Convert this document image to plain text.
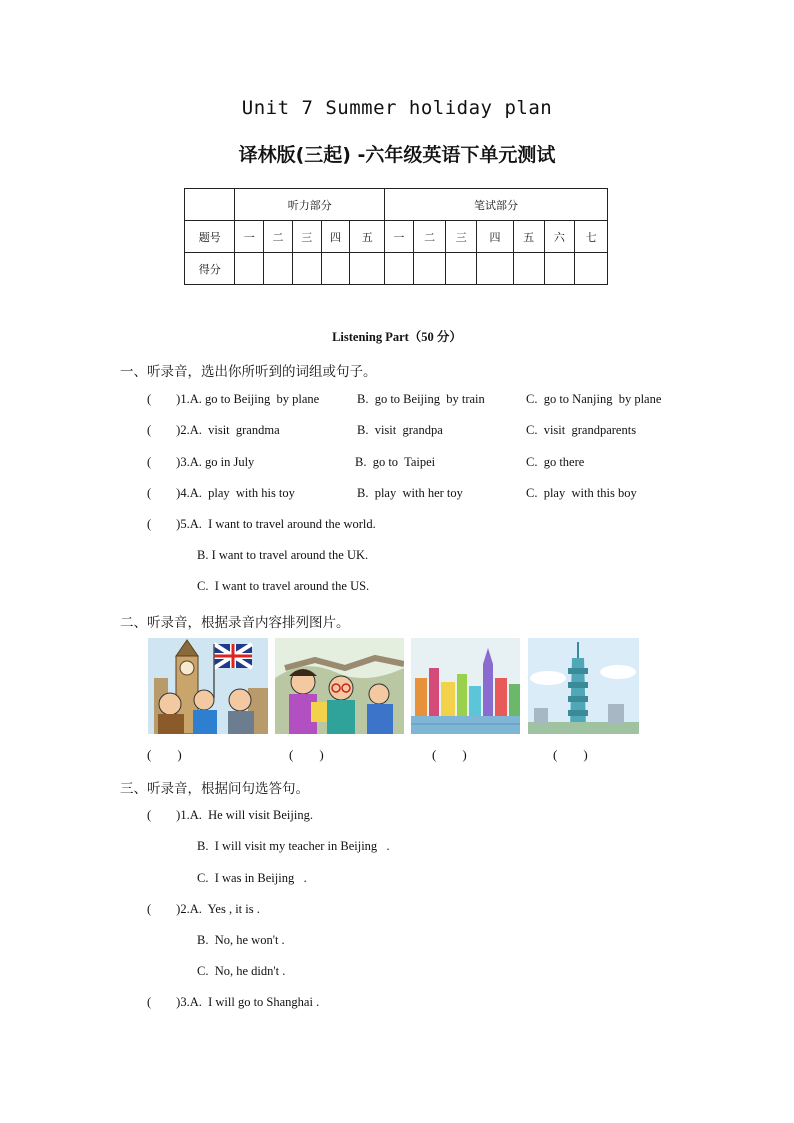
Unit 7 Summer holiday plan
译林版(三起) -六年级英语下单元测试
	听力部分					笔试部分						
题号	一	二	三	四	五	一	二	三	四	五	六	七
得分												
Listening Part（50 分）
一、听录音，选出你所听到的词组或句子。
(        )1.A. go to Beijing  by plane	B.  go to Beijing  by train	C.  go to Nanjing  by plane
(        )2.A.  visit  grandma	B.  visit  grandpa	C.  visit  grandparents
(        )3.A. go in July	B.  go to  Taipei	C.  go there
(        )4.A.  play  with his toy	B.  play  with her toy	C.  play  with this boy
(        )5.A.  I want to travel around the world.
B. I want to travel around the UK.
C.  I want to travel around the US.
二、听录音，根据录音内容排列图片。
(        )	(        )	(        )	(        )
三、听录音，根据问句选答句。
(        )1.A.  He will visit Beijing.
B.  I will visit my teacher in Beijing   .
C.  I was in Beijing   .
(        )2.A.  Yes , it is .
B.  No, he won't .
C.  No, he didn't .
(        )3.A.  I will go to Shanghai .
